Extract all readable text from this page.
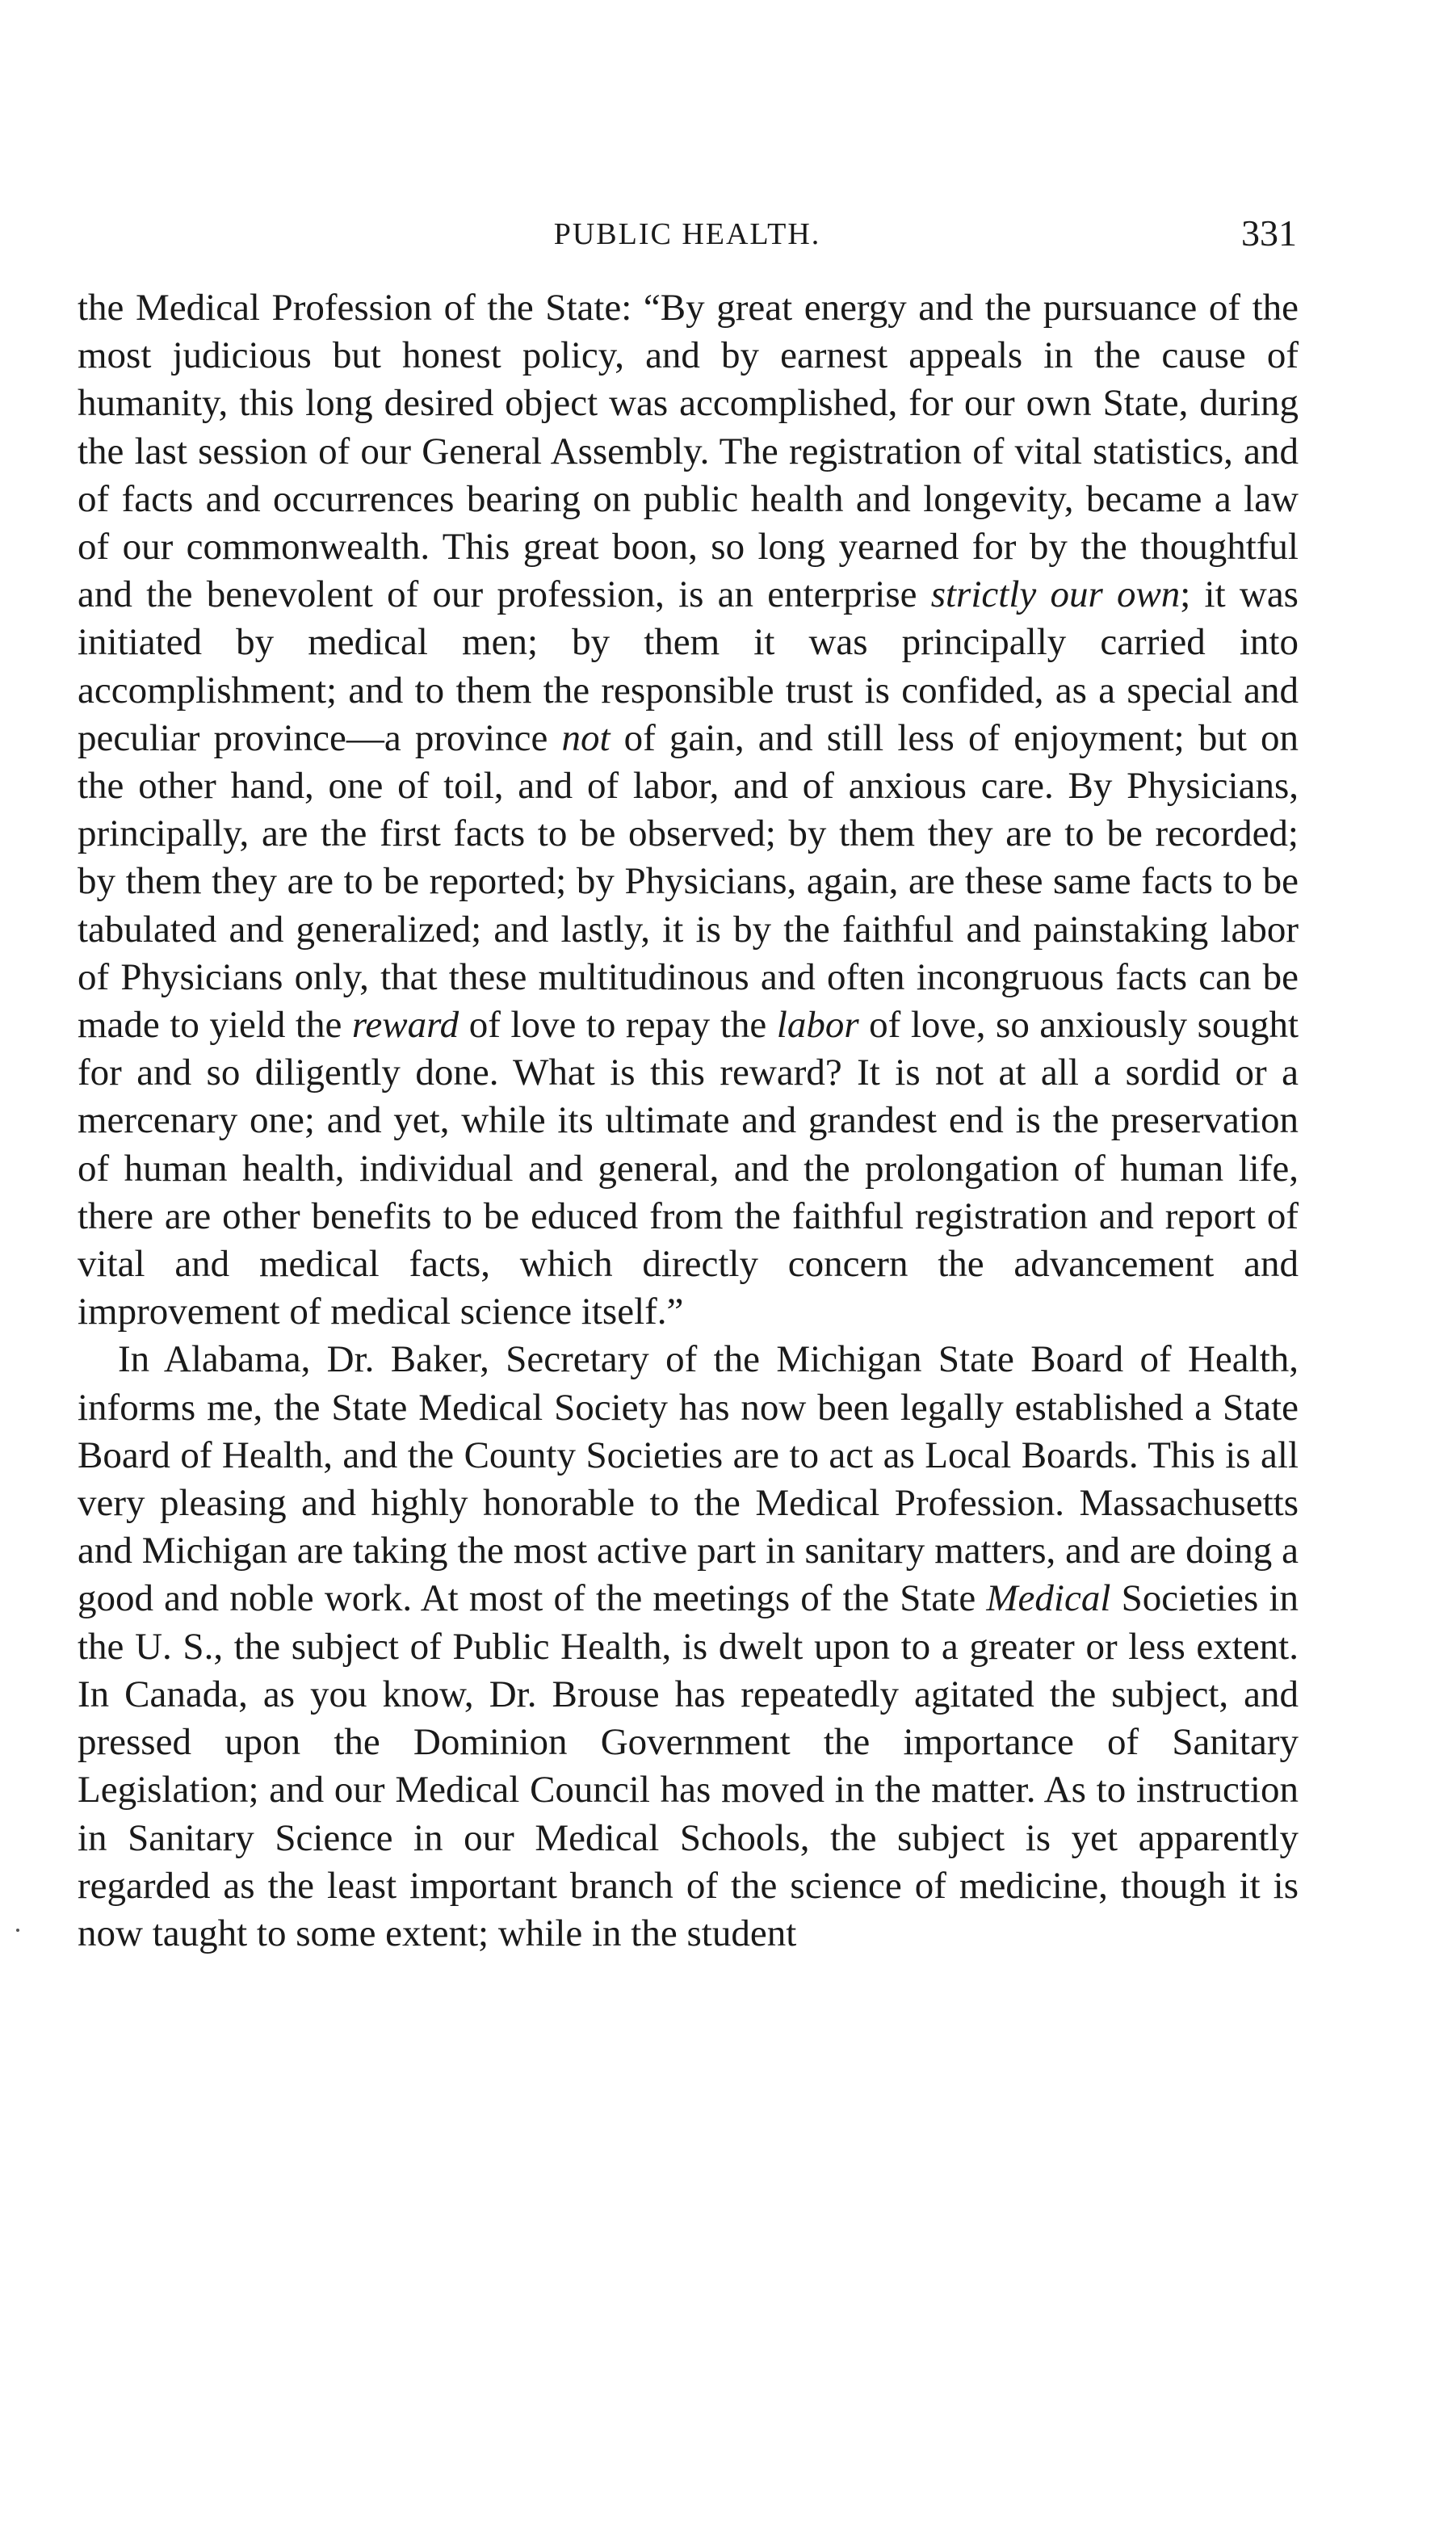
PUBLIC HEALTH.	331

the Medical Profession of the State: “By great energy and the pursuance of the most judicious but honest policy, and by earnest appeals in the cause of humanity, this long desired object was accomplished, for our own State, during the last session of our General Assembly. The registration of vital statistics, and of facts and occurrences bearing on public health and longevity, became a law of our commonwealth. This great boon, so long yearned for by the thoughtful and the benevolent of our profession, is an enterprise strictly our own; it was initiated by medical men; by them it was principally carried into accomplishment; and to them the responsible trust is confided, as a special and peculiar province—a province not of gain, and still less of enjoyment; but on the other hand, one of toil, and of labor, and of anxious care. By Physicians, principally, are the first facts to be observed; by them they are to be recorded; by them they are to be reported; by Physicians, again, are these same facts to be tabulated and generalized; and lastly, it is by the faithful and painstaking labor of Physicians only, that these multitudinous and often incongruous facts can be made to yield the reward of love to repay the labor of love, so anxiously sought for and so diligently done. What is this reward? It is not at all a sordid or a mercenary one; and yet, while its ultimate and grandest end is the preservation of human health, individual and general, and the prolongation of human life, there are other benefits to be educed from the faithful registration and report of vital and medical facts, which directly concern the advancement and improvement of medical science itself.”

In Alabama, Dr. Baker, Secretary of the Michigan State Board of Health, informs me, the State Medical Society has now been legally established a State Board of Health, and the County Societies are to act as Local Boards. This is all very pleasing and highly honorable to the Medical Profession. Massachusetts and Michigan are taking the most active part in sanitary matters, and are doing a good and noble work. At most of the meetings of the State Medical Societies in the U. S., the subject of Public Health, is dwelt upon to a greater or less extent. In Canada, as you know, Dr. Brouse has repeatedly agitated the subject, and pressed upon the Dominion Government the importance of Sanitary Legislation; and our Medical Council has moved in the matter. As to instruction in Sanitary Science in our Medical Schools, the subject is yet apparently regarded as the least important branch of the science of medicine, though it is now taught to some extent; while in the student
